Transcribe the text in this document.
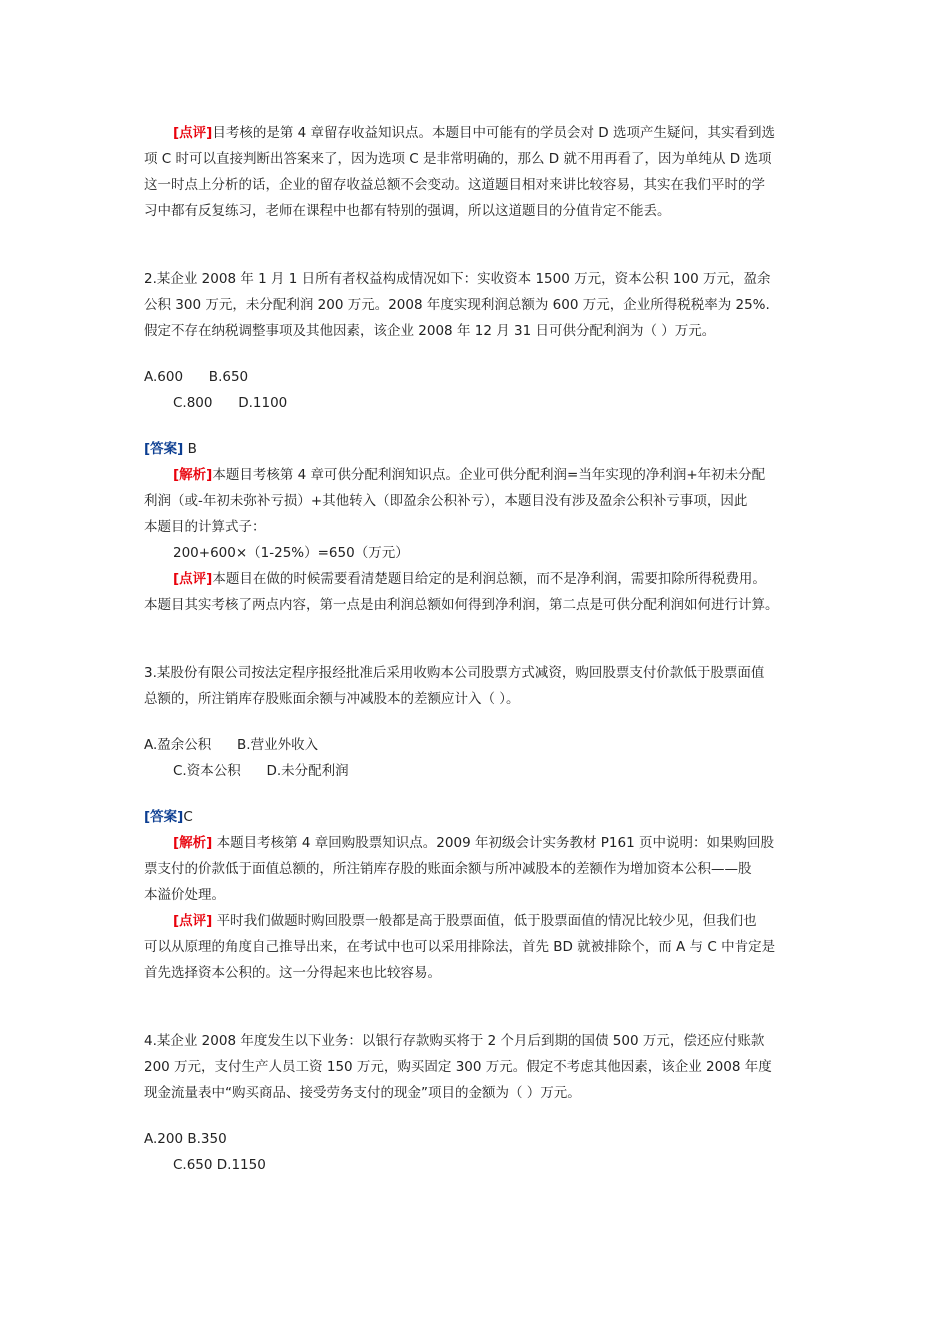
[点评]目考核的是第 4 章留存收益知识点。本题目中可能有的学员会对 D 选项产生疑问，其实看到选

项 C 时可以直接判断出答案来了，因为选项 C 是非常明确的，那么 D 就不用再看了，因为单纯从 D 选项

这一时点上分析的话，企业的留存收益总额不会变动。这道题目相对来讲比较容易，其实在我们平时的学

习中都有反复练习，老师在课程中也都有特别的强调，所以这道题目的分值肯定不能丢。

2.某企业 2008 年 1 月 1 日所有者权益构成情况如下：实收资本 1500 万元，资本公积 100 万元，盈余

公积 300 万元，未分配利润 200 万元。2008 年度实现利润总额为 600 万元，企业所得税税率为 25%.

假定不存在纳税调整事项及其他因素，该企业 2008 年 12 月 31 日可供分配利润为（ ）万元。

A.600      B.650

C.800      D.1100

[答案] B

[解析]本题目考核第 4 章可供分配利润知识点。企业可供分配利润=当年实现的净利润+年初未分配

利润（或-年初未弥补亏损）+其他转入（即盈余公积补亏），本题目没有涉及盈余公积补亏事项，因此

本题目的计算式子：

200+600×（1-25%）=650（万元）

[点评]本题目在做的时候需要看清楚题目给定的是利润总额，而不是净利润，需要扣除所得税费用。

本题目其实考核了两点内容，第一点是由利润总额如何得到净利润，第二点是可供分配利润如何进行计算。

3.某股份有限公司按法定程序报经批准后采用收购本公司股票方式减资，购回股票支付价款低于股票面值

总额的，所注销库存股账面余额与冲减股本的差额应计入（ ）。

A.盈余公积      B.营业外收入

C.资本公积      D.未分配利润

[答案]C

[解析] 本题目考核第 4 章回购股票知识点。2009 年初级会计实务教材 P161 页中说明：如果购回股

票支付的价款低于面值总额的，所注销库存股的账面余额与所冲减股本的差额作为增加资本公积——股

本溢价处理。

[点评] 平时我们做题时购回股票一般都是高于股票面值，低于股票面值的情况比较少见，但我们也

可以从原理的角度自己推导出来，在考试中也可以采用排除法，首先 BD 就被排除个，而 A 与 C 中肯定是

首先选择资本公积的。这一分得起来也比较容易。

4.某企业 2008 年度发生以下业务：以银行存款购买将于 2 个月后到期的国债 500 万元，偿还应付账款

200 万元，支付生产人员工资 150 万元，购买固定 300 万元。假定不考虑其他因素，该企业 2008 年度

现金流量表中“购买商品、接受劳务支付的现金”项目的金额为（ ）万元。

A.200 B.350

C.650 D.1150
